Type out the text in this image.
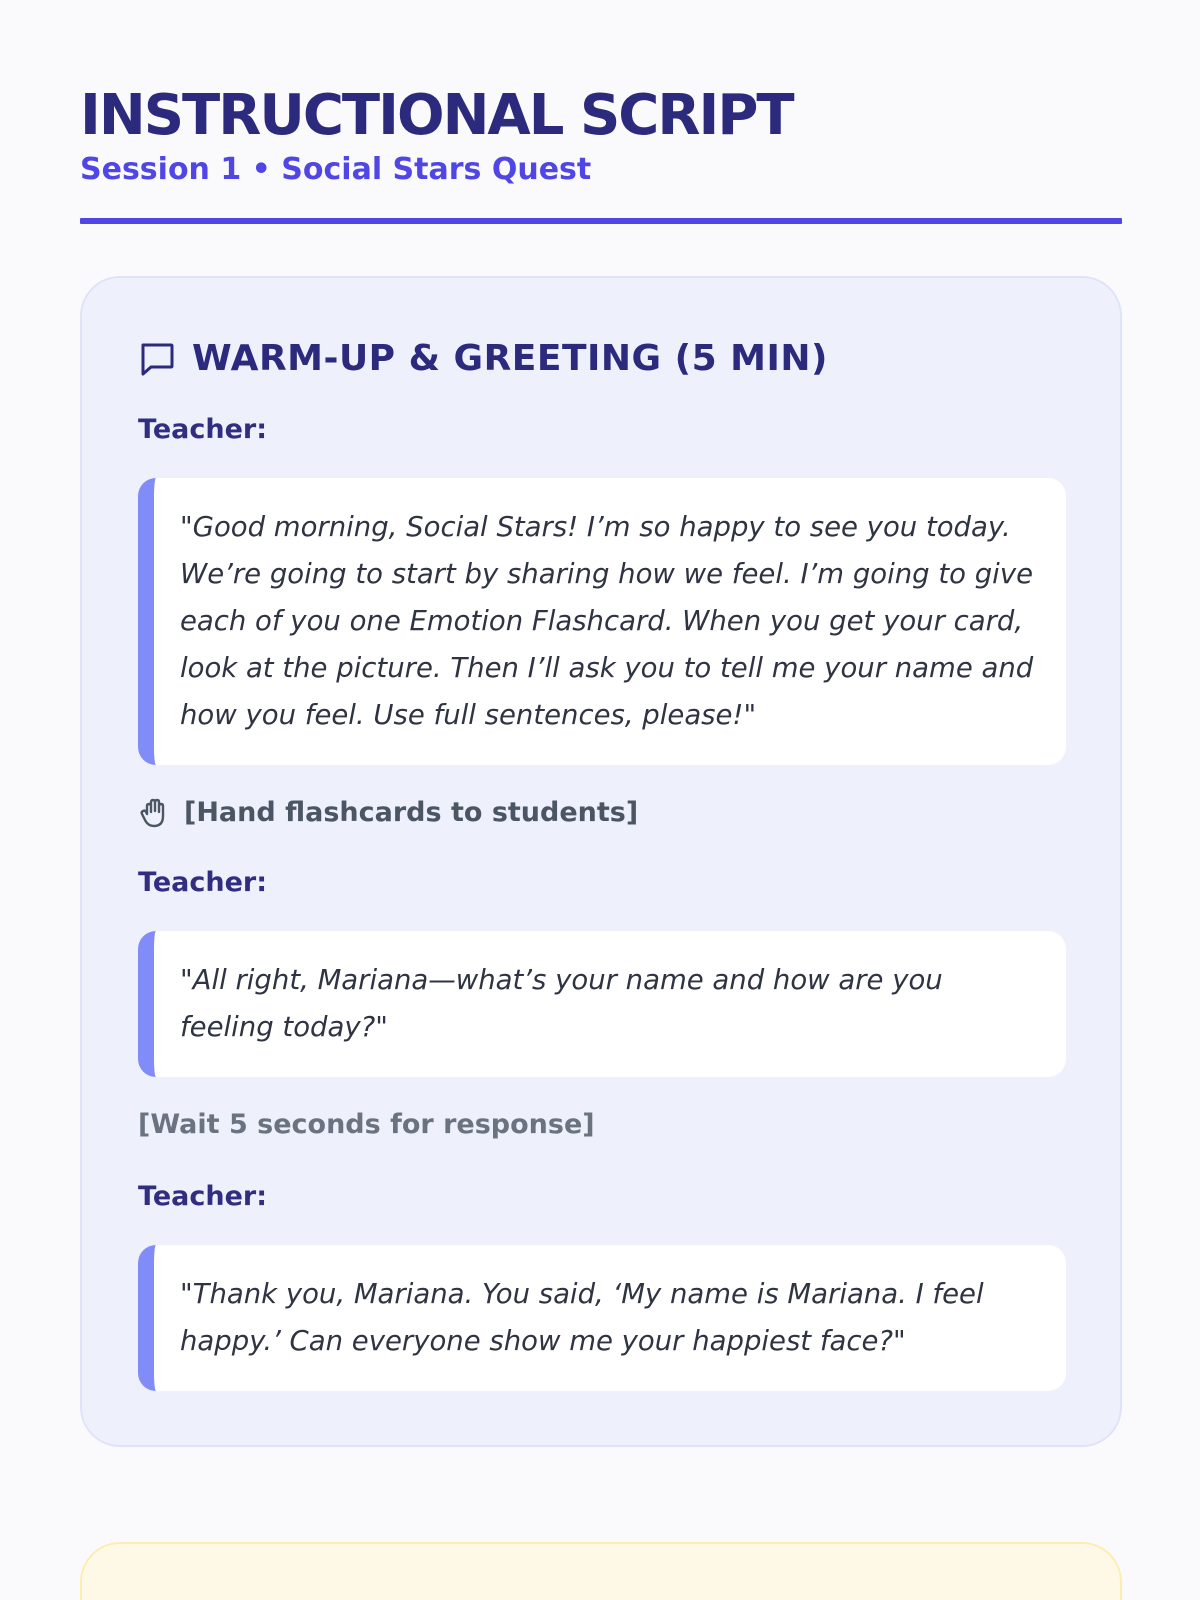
INSTRUCTIONAL SCRIPT
Session 1 • Social Stars Quest
WARM-UP & GREETING (5 MIN)
Teacher:
"Good morning, Social Stars! I’m so happy to see you today. We’re going to start by sharing how we feel. I’m going to give each of you one Emotion Flashcard. When you get your card, look at the picture. Then I’ll ask you to tell me your name and how you feel. Use full sentences, please!"
[Hand flashcards to students]
Teacher:
"All right, Mariana—what’s your name and how are you feeling today?"
[Wait 5 seconds for response]
Teacher:
"Thank you, Mariana. You said, ‘My name is Mariana. I feel happy.’ Can everyone show me your happiest face?"
